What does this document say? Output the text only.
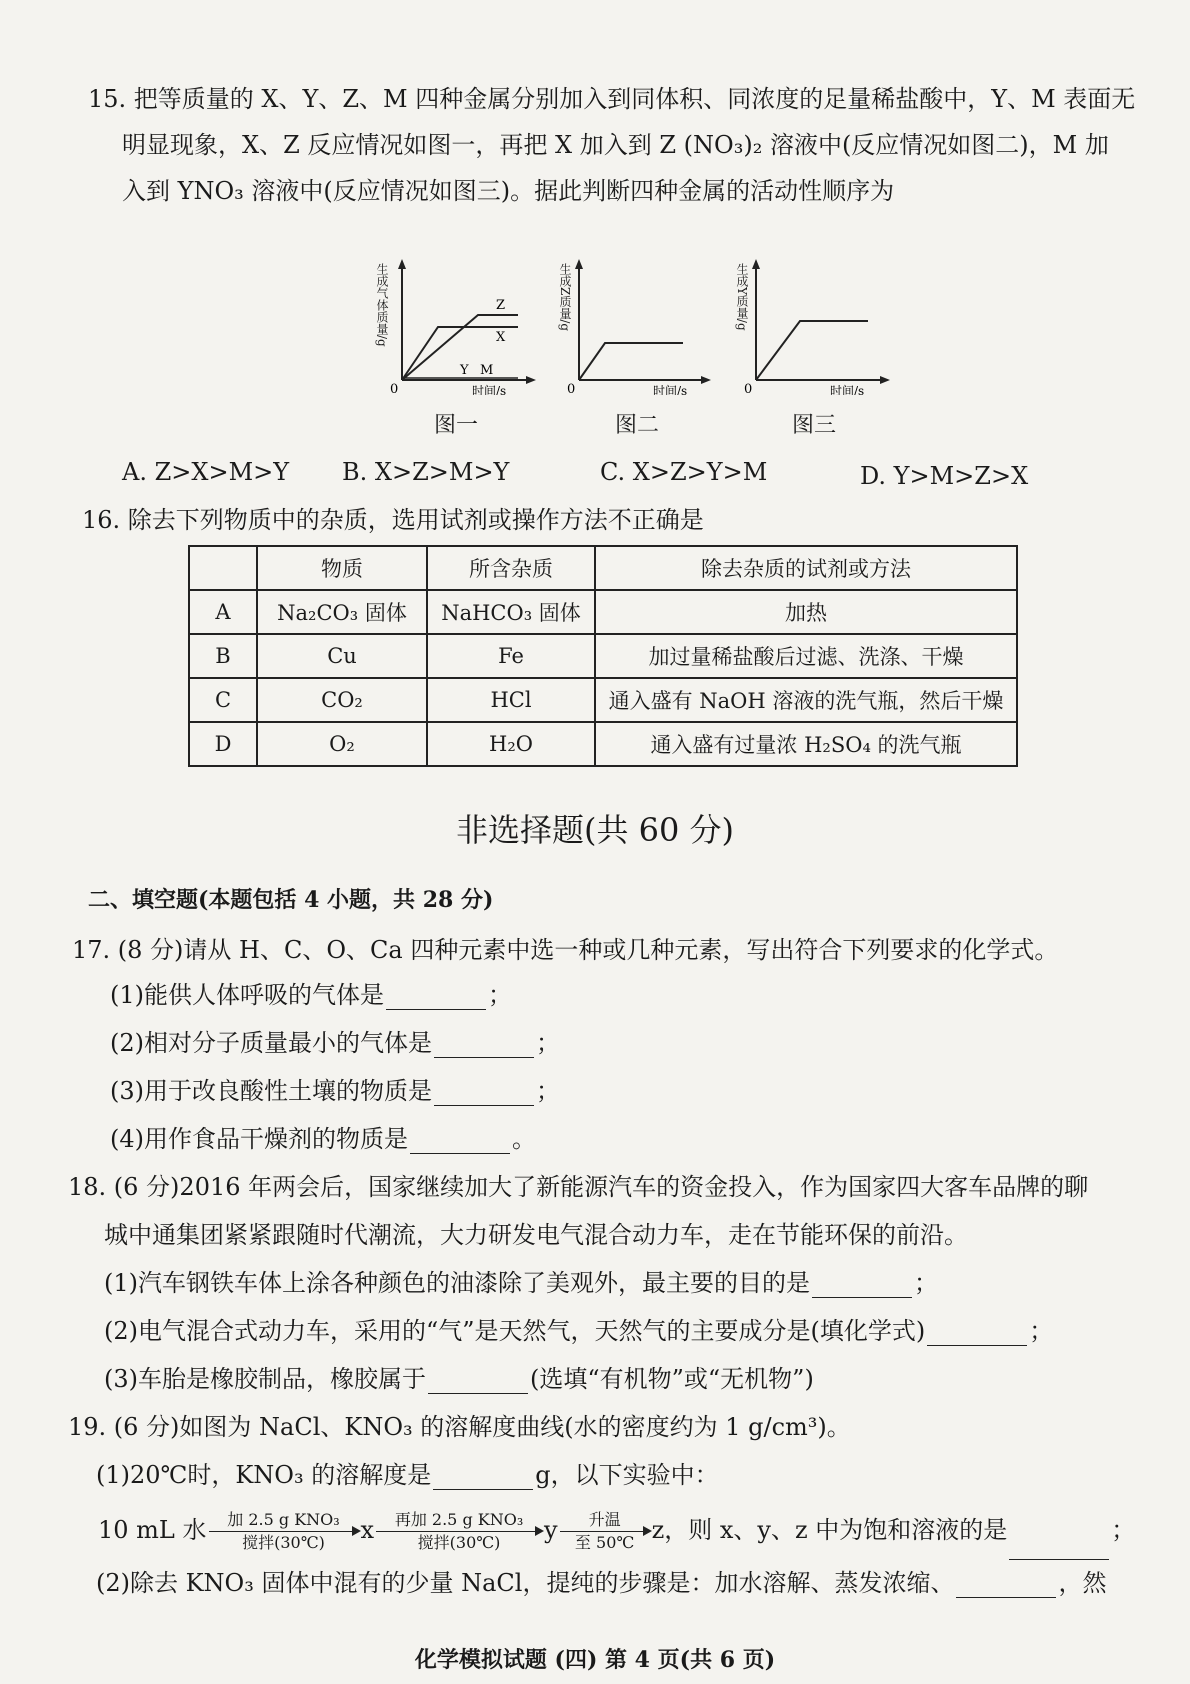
15. 把等质量的 X、Y、Z、M 四种金属分别加入到同体积、同浓度的足量稀盐酸中，Y、M 表面无
明显现象，X、Z 反应情况如图一，再把 X 加入到 Z (NO₃)₂ 溶液中(反应情况如图二)，M 加
入到 YNO₃ 溶液中(反应情况如图三)。据此判断四种金属的活动性顺序为
Z
X
Y M
0	时间/s
生成气体质量/g
图一
0	时间/s
生成Z质量/g
图二
0	时间/s
生成Y质量/g
图三
A. Z>X>M>Y B. X>Z>M>Y	C. X>Z>Y>M	D. Y>M>Z>X
16. 除去下列物质中的杂质，选用试剂或操作方法不正确是
	物质	所含杂质	除去杂质的试剂或方法
A	Na₂CO₃ 固体	NaHCO₃ 固体	加热
B	Cu	Fe	加过量稀盐酸后过滤、洗涤、干燥
C	CO₂	HCl	通入盛有 NaOH 溶液的洗气瓶，然后干燥
D	O₂	H₂O	通入盛有过量浓 H₂SO₄ 的洗气瓶
非选择题(共 60 分)
二、填空题(本题包括 4 小题，共 28 分)
17. (8 分)请从 H、C、O、Ca 四种元素中选一种或几种元素，写出符合下列要求的化学式。
(1)能供人体呼吸的气体是	；
(2)相对分子质量最小的气体是	；
(3)用于改良酸性土壤的物质是	；
(4)用作食品干燥剂的物质是	。
18. (6 分)2016 年两会后，国家继续加大了新能源汽车的资金投入，作为国家四大客车品牌的聊
城中通集团紧紧跟随时代潮流，大力研发电气混合动力车，走在节能环保的前沿。
(1)汽车钢铁车体上涂各种颜色的油漆除了美观外，最主要的目的是	；
(2)电气混合式动力车，采用的“气”是天然气，天然气的主要成分是(填化学式)	；
(3)车胎是橡胶制品，橡胶属于	(选填“有机物”或“无机物”)
19. (6 分)如图为 NaCl、KNO₃ 的溶解度曲线(水的密度约为 1 g/cm³)。
(1)20℃时，KNO₃ 的溶解度是	g，以下实验中：
10 mL 水	加 2.5 g KNO₃
搅拌(30℃)	x	再加 2.5 g KNO₃
搅拌(30℃)	y	升温
至 50℃ z，则 x、y、z 中为饱和溶液的是	；
(2)除去 KNO₃ 固体中混有的少量 NaCl，提纯的步骤是：加水溶解、蒸发浓缩、	，然
化学模拟试题 (四) 第 4 页(共 6 页)
